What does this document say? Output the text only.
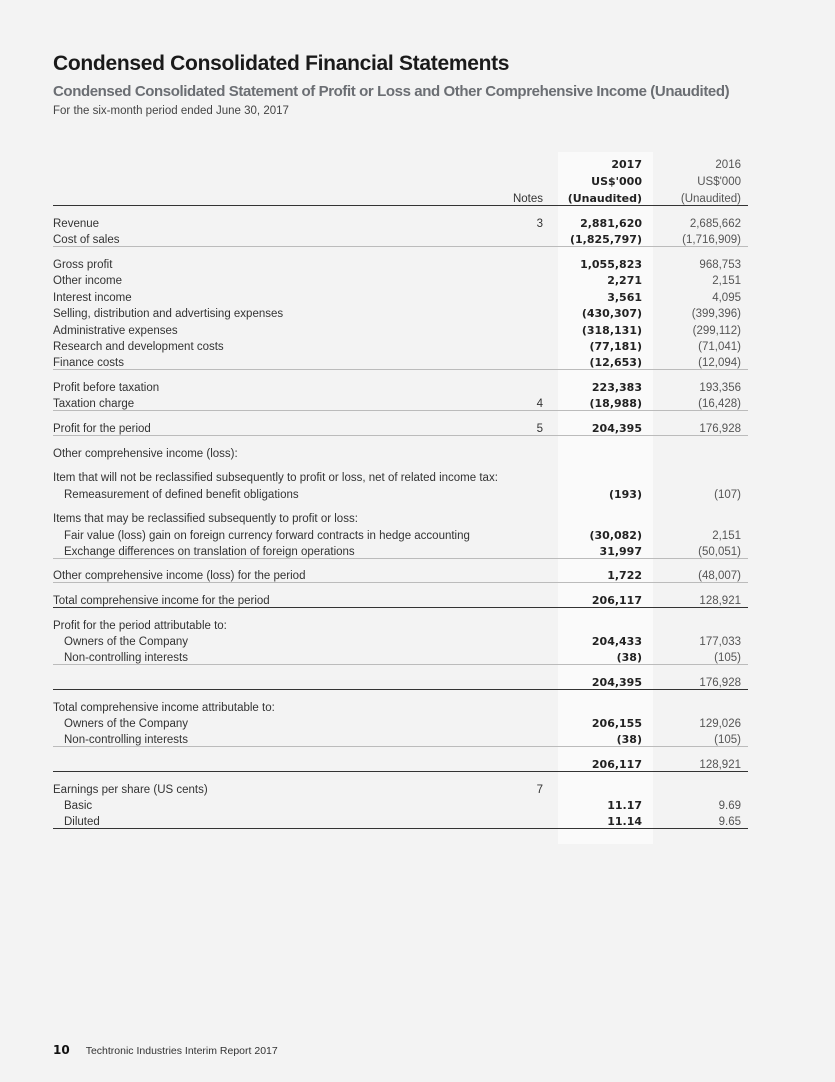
Condensed Consolidated Financial Statements
Condensed Consolidated Statement of Profit or Loss and Other Comprehensive Income (Unaudited)
For the six-month period ended June 30, 2017
		2017	2016
		US$'000	US$'000
	Notes	(Unaudited)	(Unaudited)

Revenue	3	2,881,620	2,685,662
Cost of sales		(1,825,797)	(1,716,909)

Gross profit		1,055,823	968,753
Other income		2,271	2,151
Interest income		3,561	4,095
Selling, distribution and advertising expenses		(430,307)	(399,396)
Administrative expenses		(318,131)	(299,112)
Research and development costs		(77,181)	(71,041)
Finance costs		(12,653)	(12,094)

Profit before taxation		223,383	193,356
Taxation charge	4	(18,988)	(16,428)

Profit for the period	5	204,395	176,928

Other comprehensive income (loss):			

Item that will not be reclassified subsequently to profit or loss, net of related income tax:			
Remeasurement of defined benefit obligations		(193)	(107)

Items that may be reclassified subsequently to profit or loss:			
Fair value (loss) gain on foreign currency forward contracts in hedge accounting		(30,082)	2,151
Exchange differences on translation of foreign operations		31,997	(50,051)

Other comprehensive income (loss) for the period		1,722	(48,007)

Total comprehensive income for the period		206,117	128,921

Profit for the period attributable to:			
Owners of the Company		204,433	177,033
Non-controlling interests		(38)	(105)

		204,395	176,928

Total comprehensive income attributable to:			
Owners of the Company		206,155	129,026
Non-controlling interests		(38)	(105)

		206,117	128,921

Earnings per share (US cents)	7		
Basic		11.17	9.69
Diluted		11.14	9.65

10 Techtronic Industries Interim Report 2017
